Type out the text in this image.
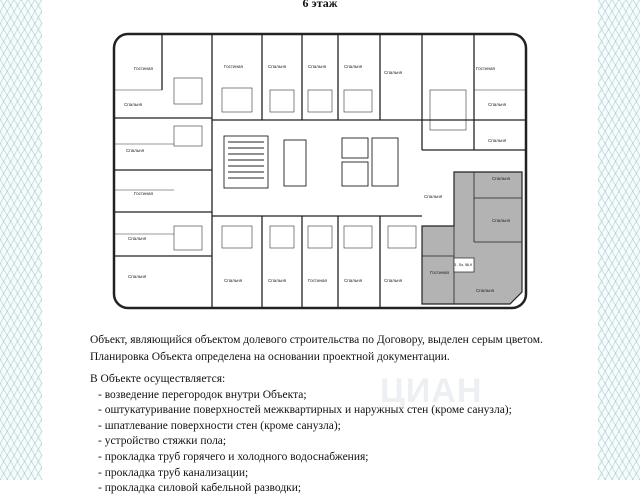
6 этаж
3 - Sx, 56,9
Гостиная
Спальня
Спальня
Гостиная
Спальня
Спальня
Гостиная	Спальня	Спальня	Спальня
Спальня
Гостиная
Спальня
Спальня
Спальня
Спальня
Спальня	Спальня	Гостиная	Спальня	Спальня
Гостиная
Спальня
Спальня

Объект, являющийся объектом долевого строительства по Договору, выделен серым цветом.

Планировка Объекта определена на основании проектной документации.

В Объекте осуществляется:
- возведение перегородок внутри Объекта;
- оштукатуривание поверхностей межквартирных и наружных стен (кроме санузла);
- шпатлевание поверхности стен (кроме санузла);
- устройство стяжки пола;
- прокладка труб горячего и холодного водоснабжения;
- прокладка труб канализации;
- прокладка силовой кабельной разводки;
ЦИАН
